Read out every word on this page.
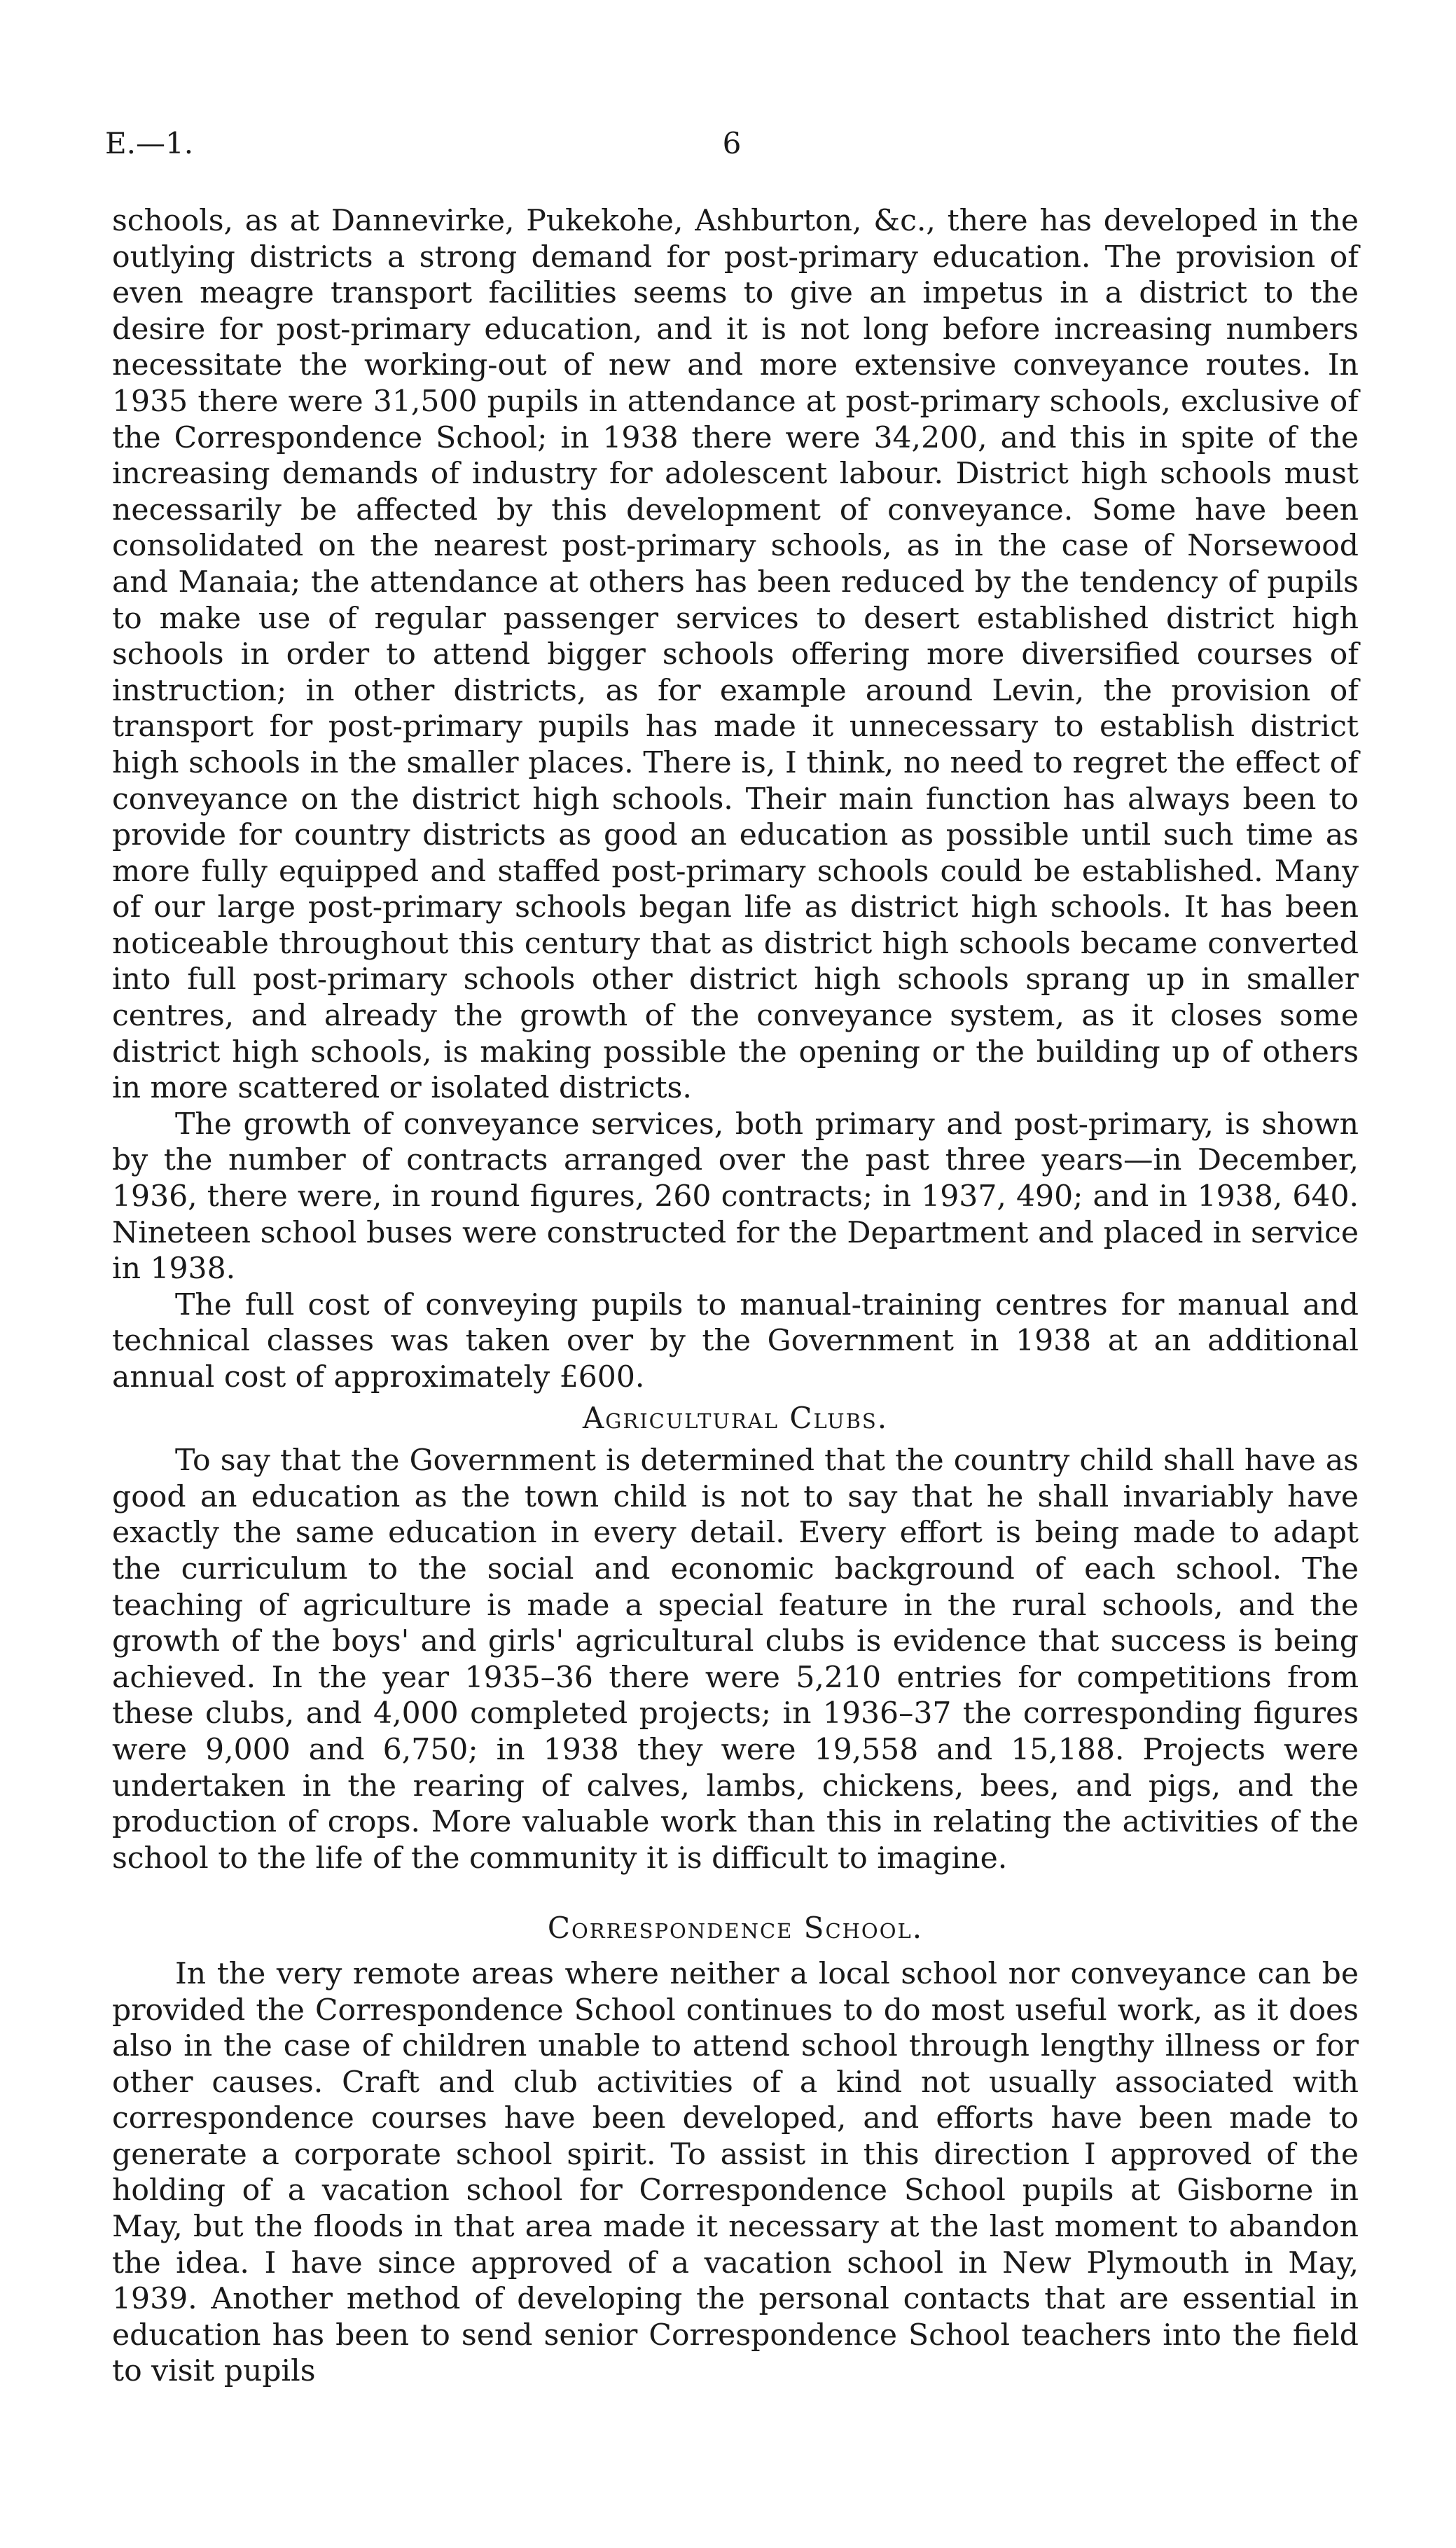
E.—1.	6

schools, as at Dannevirke, Pukekohe, Ashburton, &c., there has developed in the outlying districts a strong demand for post-primary education. The provision of even meagre transport facilities seems to give an impetus in a district to the desire for post-primary education, and it is not long before increasing numbers necessitate the working-out of new and more extensive conveyance routes. In 1935 there were 31,500 pupils in attendance at post-primary schools, exclusive of the Correspondence School; in 1938 there were 34,200, and this in spite of the increasing demands of industry for adolescent labour. District high schools must necessarily be affected by this development of conveyance. Some have been consolidated on the nearest post-primary schools, as in the case of Norsewood and Manaia; the attendance at others has been reduced by the tendency of pupils to make use of regular passenger services to desert established district high schools in order to attend bigger schools offering more diversified courses of instruction; in other districts, as for example around Levin, the provision of transport for post-primary pupils has made it unnecessary to establish district high schools in the smaller places. There is, I think, no need to regret the effect of conveyance on the district high schools. Their main function has always been to provide for country districts as good an education as possible until such time as more fully equipped and staffed post-primary schools could be established. Many of our large post-primary schools began life as district high schools. It has been noticeable throughout this century that as district high schools became converted into full post-primary schools other district high schools sprang up in smaller centres, and already the growth of the conveyance system, as it closes some district high schools, is making possible the opening or the building up of others in more scattered or isolated districts.

The growth of conveyance services, both primary and post-primary, is shown by the number of contracts arranged over the past three years—in December, 1936, there were, in round figures, 260 contracts; in 1937, 490; and in 1938, 640. Nineteen school buses were constructed for the Department and placed in service in 1938.

The full cost of conveying pupils to manual-training centres for manual and technical classes was taken over by the Government in 1938 at an additional annual cost of approximately £600.

Agricultural Clubs.

To say that the Government is determined that the country child shall have as good an education as the town child is not to say that he shall invariably have exactly the same education in every detail. Every effort is being made to adapt the curriculum to the social and economic background of each school. The teaching of agriculture is made a special feature in the rural schools, and the growth of the boys' and girls' agricultural clubs is evidence that success is being achieved. In the year 1935–36 there were 5,210 entries for competitions from these clubs, and 4,000 completed projects; in 1936–37 the corresponding figures were 9,000 and 6,750; in 1938 they were 19,558 and 15,188. Projects were undertaken in the rearing of calves, lambs, chickens, bees, and pigs, and the production of crops. More valuable work than this in relating the activities of the school to the life of the community it is difficult to imagine.

Correspondence School.

In the very remote areas where neither a local school nor conveyance can be provided the Correspondence School continues to do most useful work, as it does also in the case of children unable to attend school through lengthy illness or for other causes. Craft and club activities of a kind not usually associated with correspondence courses have been developed, and efforts have been made to generate a corporate school spirit. To assist in this direction I approved of the holding of a vacation school for Correspondence School pupils at Gisborne in May, but the floods in that area made it necessary at the last moment to abandon the idea. I have since approved of a vacation school in New Plymouth in May, 1939. Another method of developing the personal contacts that are essential in education has been to send senior Correspondence School teachers into the field to visit pupils
